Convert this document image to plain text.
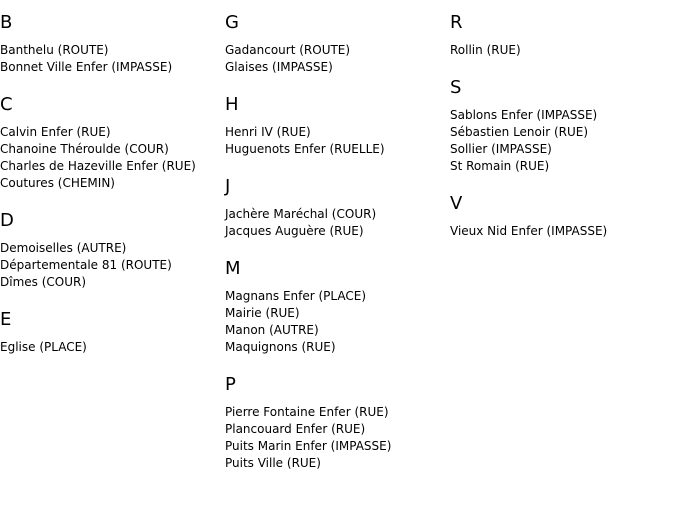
B
Banthelu (ROUTE)
Bonnet Ville Enfer (IMPASSE)
C
Calvin Enfer (RUE)
Chanoine Théroulde (COUR)
Charles de Hazeville Enfer (RUE)
Coutures (CHEMIN)
D
Demoiselles (AUTRE)
Départementale 81 (ROUTE)
Dîmes (COUR)
E
Eglise (PLACE)
G
Gadancourt (ROUTE)
Glaises (IMPASSE)
H
Henri IV (RUE)
Huguenots Enfer (RUELLE)
J
Jachère Maréchal (COUR)
Jacques Auguère (RUE)
M
Magnans Enfer (PLACE)
Mairie (RUE)
Manon (AUTRE)
Maquignons (RUE)
P
Pierre Fontaine Enfer (RUE)
Plancouard Enfer (RUE)
Puits Marin Enfer (IMPASSE)
Puits Ville (RUE)
R
Rollin (RUE)
S
Sablons Enfer (IMPASSE)
Sébastien Lenoir (RUE)
Sollier (IMPASSE)
St Romain (RUE)
V
Vieux Nid Enfer (IMPASSE)
